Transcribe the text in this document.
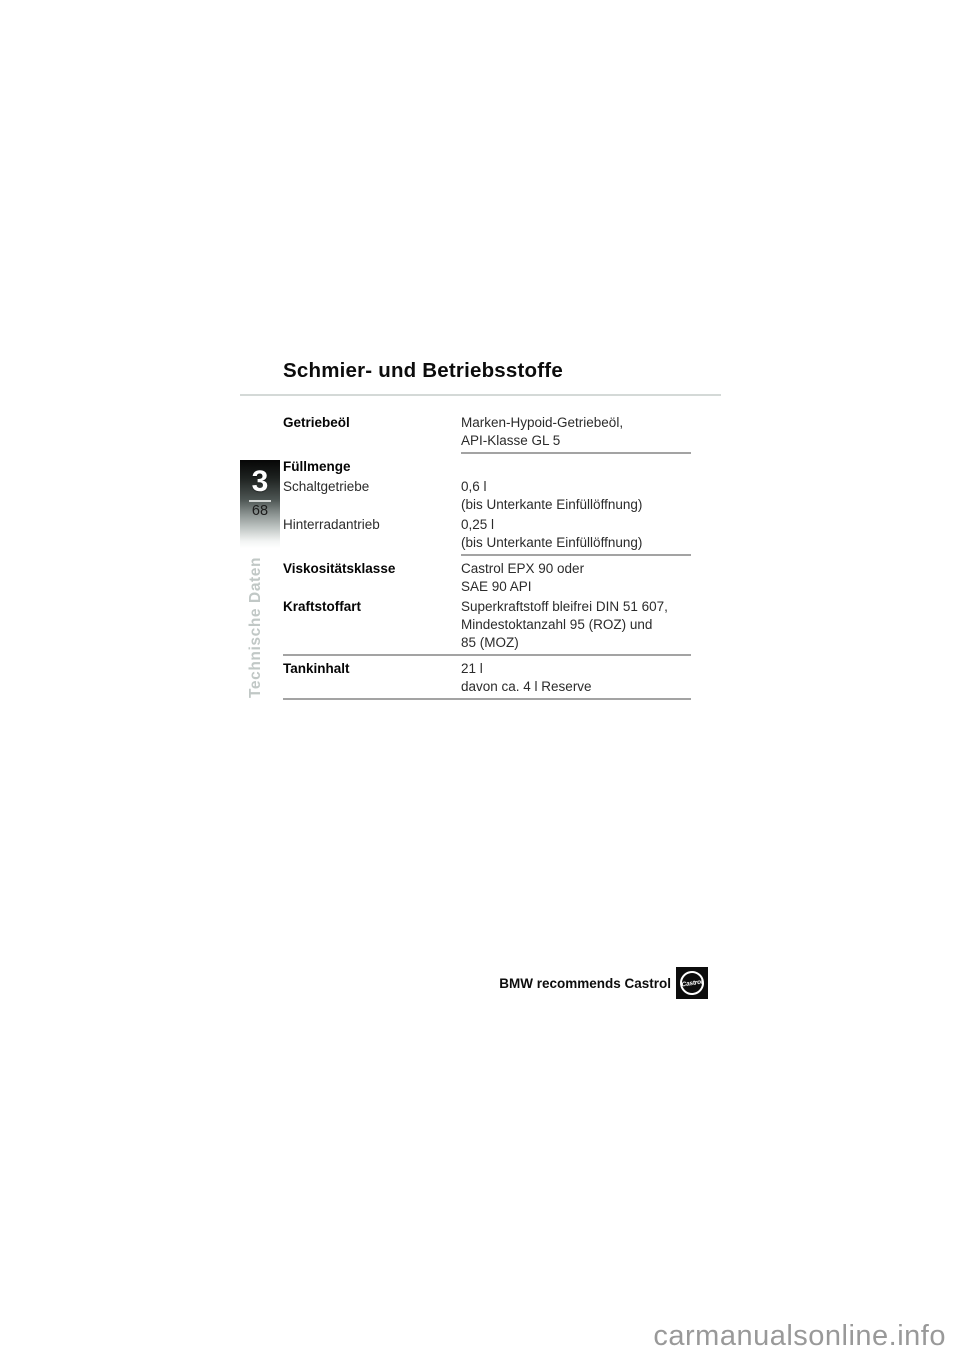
Schmier- und Betriebsstoffe
3
68
Technische Daten
Getriebeöl	Marken-Hypoid-Getriebeöl,
API-Klasse GL 5
Füllmenge
Schaltgetriebe	0,6 l
(bis Unterkante Einfüllöffnung)
Hinterradantrieb	0,25 l
(bis Unterkante Einfüllöffnung)
Viskositätsklasse	Castrol EPX 90 oder
SAE 90 API
Kraftstoffart	Superkraftstoff bleifrei DIN 51 607,
Mindestoktanzahl 95 (ROZ) und
85 (MOZ)
Tankinhalt	21 l
davon ca. 4 l Reserve
BMW recommends Castrol Castrol
carmanualsonline.info
